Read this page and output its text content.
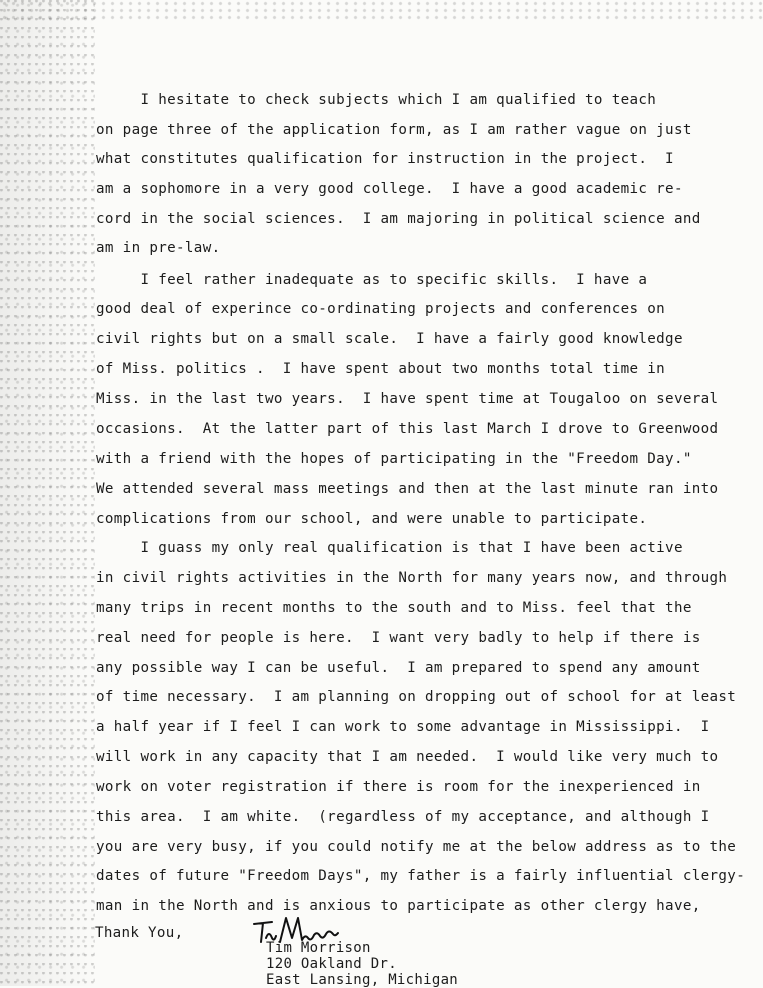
I hesitate to check subjects which I am qualified to teach
on page three of the application form, as I am rather vague on just
what constitutes qualification for instruction in the project.  I
am a sophomore in a very good college.  I have a good academic re-
cord in the social sciences.  I am majoring in political science and
am in pre-law.
I feel rather inadequate as to specific skills.  I have a
good deal of experince co-ordinating projects and conferences on
civil rights but on a small scale.  I have a fairly good knowledge
of Miss. politics .  I have spent about two months total time in
Miss. in the last two years.  I have spent time at Tougaloo on several
occasions.  At the latter part of this last March I drove to Greenwood
with a friend with the hopes of participating in the "Freedom Day."
We attended several mass meetings and then at the last minute ran into
complications from our school, and were unable to participate.
I guass my only real qualification is that I have been active
in civil rights activities in the North for many years now, and through
many trips in recent months to the south and to Miss. feel that the
real need for people is here.  I want very badly to help if there is
any possible way I can be useful.  I am prepared to spend any amount
of time necessary.  I am planning on dropping out of school for at least
a half year if I feel I can work to some advantage in Mississippi.  I
will work in any capacity that I am needed.  I would like very much to
work on voter registration if there is room for the inexperienced in
this area.  I am white.  (regardless of my acceptance, and although I
you are very busy, if you could notify me at the below address as to the
dates of future "Freedom Days", my father is a fairly influential clergy-
man in the North and is anxious to participate as other clergy have,
Thank You,
Tim Morrison
120 Oakland Dr.
East Lansing, Michigan
